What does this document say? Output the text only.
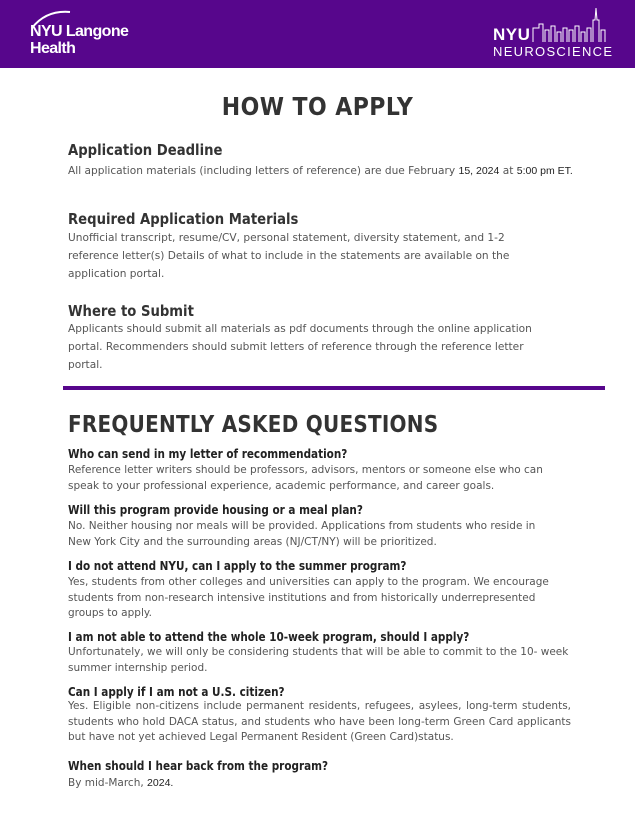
NYU Langone
Health
NYU
NEUROSCIENCE
HOW TO APPLY
Application Deadline
All application materials (including letters of reference) are due February 15, 2024 at 5:00 pm ET.
Required Application Materials
Unofficial transcript, resume/CV, personal statement, diversity statement, and 1-2 reference letter(s) Details of what to include in the statements are available on the application portal.
Where to Submit
Applicants should submit all materials as pdf documents through the online application portal. Recommenders should submit letters of reference through the reference letter portal.
FREQUENTLY ASKED QUESTIONS
Who can send in my letter of recommendation?
Reference letter writers should be professors, advisors, mentors or someone else who can speak to your professional experience, academic performance, and career goals.
Will this program provide housing or a meal plan?
No. Neither housing nor meals will be provided. Applications from students who reside in New York City and the surrounding areas (NJ/CT/NY) will be prioritized.
I do not attend NYU, can I apply to the summer program?
Yes, students from other colleges and universities can apply to the program. We encourage students from non-research intensive institutions and from historically underrepresented groups to apply.
I am not able to attend the whole 10-week program, should I apply?
Unfortunately, we will only be considering students that will be able to commit to the 10- week summer internship period.
Can I apply if I am not a U.S. citizen?
Yes. Eligible non-citizens include permanent residents, refugees, asylees, long-term students, students who hold DACA status, and students who have been long-term Green Card applicants but have not yet achieved Legal Permanent Resident (Green Card)status.
When should I hear back from the program?
By mid-March, 2024.
